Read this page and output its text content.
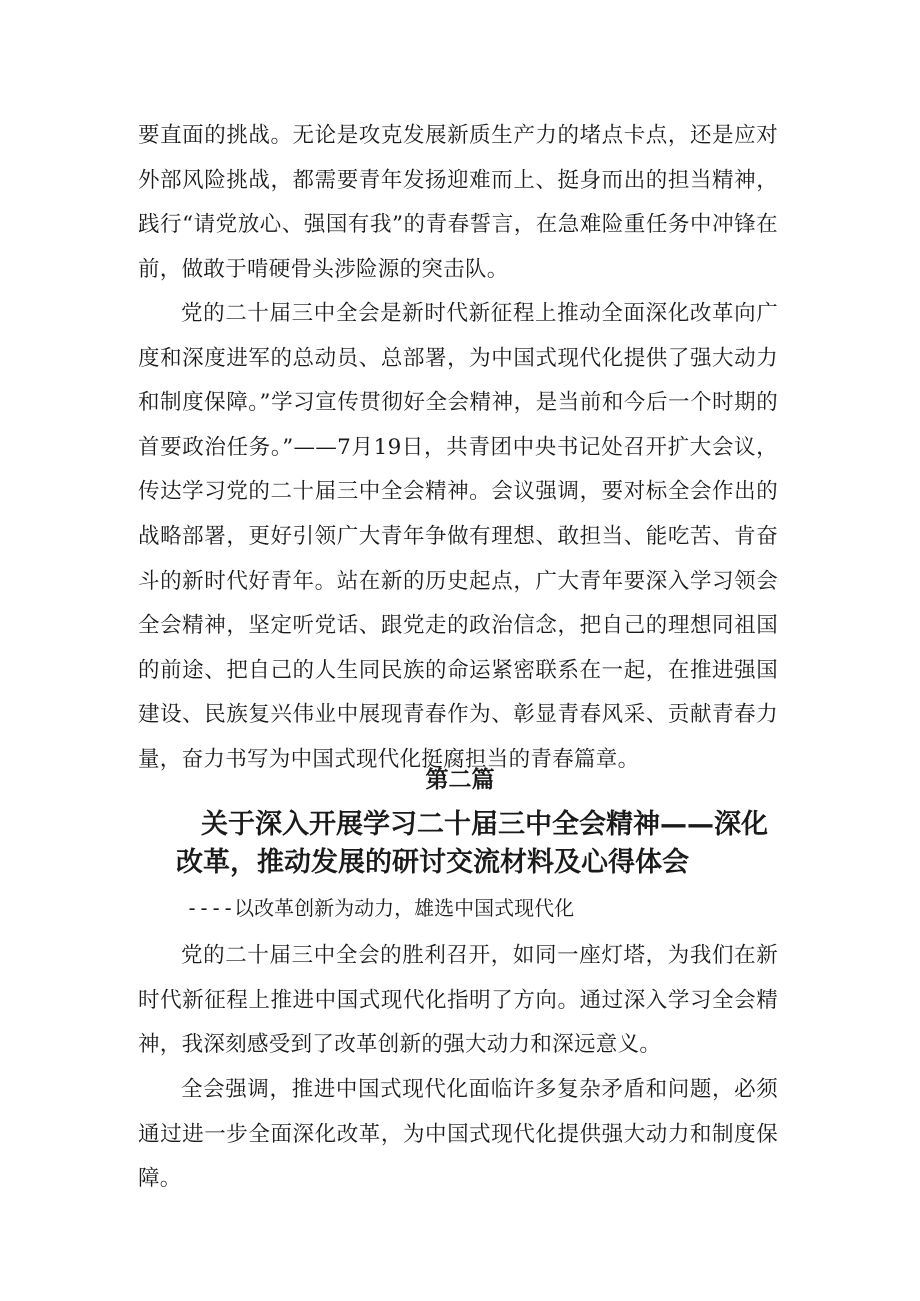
要直面的挑战。无论是攻克发展新质生产力的堵点卡点，还是应对外部风险挑战，都需要青年发扬迎难而上、挺身而出的担当精神，践行“请党放心、强国有我”的青春誓言，在急难险重任务中冲锋在前，做敢于啃硬骨头涉险源的突击队。

党的二十届三中全会是新时代新征程上推动全面深化改革向广度和深度进军的总动员、总部署，为中国式现代化提供了强大动力和制度保障。”学习宣传贯彻好全会精神，是当前和今后一个时期的首要政治任务。”——7月19日，共青团中央书记处召开扩大会议，传达学习党的二十届三中全会精神。会议强调，要对标全会作出的战略部署，更好引领广大青年争做有理想、敢担当、能吃苦、肯奋斗的新时代好青年。站在新的历史起点，广大青年要深入学习领会全会精神，坚定听党话、跟党走的政治信念，把自己的理想同祖国的前途、把自己的人生同民族的命运紧密联系在一起，在推进强国建设、民族复兴伟业中展现青春作为、彰显青春风采、贡献青春力量，奋力书写为中国式现代化挺腐担当的青春篇章。

第二篇

关于深入开展学习二十届三中全会精神——深化
改革，推动发展的研讨交流材料及心得体会

----以改革创新为动力，雄选中国式现代化

党的二十届三中全会的胜利召开，如同一座灯塔，为我们在新时代新征程上推进中国式现代化指明了方向。通过深入学习全会精神，我深刻感受到了改革创新的强大动力和深远意义。

全会强调，推进中国式现代化面临许多复杂矛盾和问题，必须通过进一步全面深化改革，为中国式现代化提供强大动力和制度保障。
